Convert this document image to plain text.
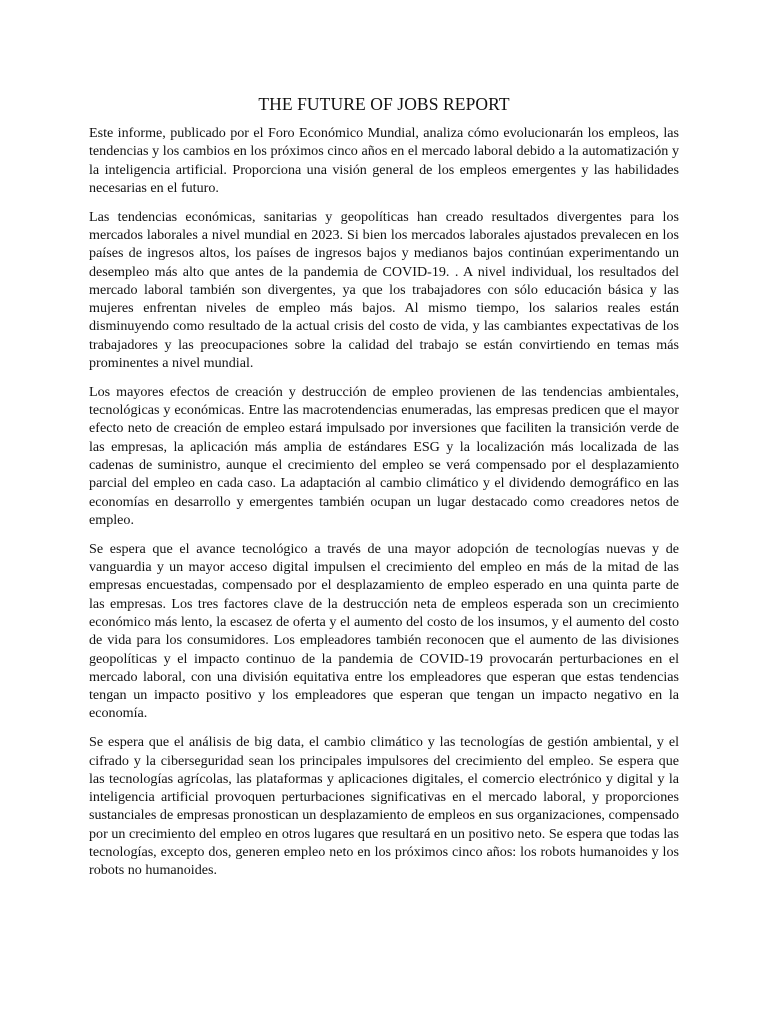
THE FUTURE OF JOBS REPORT

Este informe, publicado por el Foro Económico Mundial, analiza cómo evolucionarán los empleos, las tendencias y los cambios en los próximos cinco años en el mercado laboral debido a la automatización y la inteligencia artificial. Proporciona una visión general de los empleos emergentes y las habilidades necesarias en el futuro.

Las tendencias económicas, sanitarias y geopolíticas han creado resultados divergentes para los mercados laborales a nivel mundial en 2023. Si bien los mercados laborales ajustados prevalecen en los países de ingresos altos, los países de ingresos bajos y medianos bajos continúan experimentando un desempleo más alto que antes de la pandemia de COVID-19. . A nivel individual, los resultados del mercado laboral también son divergentes, ya que los trabajadores con sólo educación básica y las mujeres enfrentan niveles de empleo más bajos. Al mismo tiempo, los salarios reales están disminuyendo como resultado de la actual crisis del costo de vida, y las cambiantes expectativas de los trabajadores y las preocupaciones sobre la calidad del trabajo se están convirtiendo en temas más prominentes a nivel mundial.

Los mayores efectos de creación y destrucción de empleo provienen de las tendencias ambientales, tecnológicas y económicas. Entre las macrotendencias enumeradas, las empresas predicen que el mayor efecto neto de creación de empleo estará impulsado por inversiones que faciliten la transición verde de las empresas, la aplicación más amplia de estándares ESG y la localización más localizada de las cadenas de suministro, aunque el crecimiento del empleo se verá compensado por el desplazamiento parcial del empleo en cada caso. La adaptación al cambio climático y el dividendo demográfico en las economías en desarrollo y emergentes también ocupan un lugar destacado como creadores netos de empleo.

Se espera que el avance tecnológico a través de una mayor adopción de tecnologías nuevas y de vanguardia y un mayor acceso digital impulsen el crecimiento del empleo en más de la mitad de las empresas encuestadas, compensado por el desplazamiento de empleo esperado en una quinta parte de las empresas. Los tres factores clave de la destrucción neta de empleos esperada son un crecimiento económico más lento, la escasez de oferta y el aumento del costo de los insumos, y el aumento del costo de vida para los consumidores. Los empleadores también reconocen que el aumento de las divisiones geopolíticas y el impacto continuo de la pandemia de COVID-19 provocarán perturbaciones en el mercado laboral, con una división equitativa entre los empleadores que esperan que estas tendencias tengan un impacto positivo y los empleadores que esperan que tengan un impacto negativo en la economía.

Se espera que el análisis de big data, el cambio climático y las tecnologías de gestión ambiental, y el cifrado y la ciberseguridad sean los principales impulsores del crecimiento del empleo. Se espera que las tecnologías agrícolas, las plataformas y aplicaciones digitales, el comercio electrónico y digital y la inteligencia artificial provoquen perturbaciones significativas en el mercado laboral, y proporciones sustanciales de empresas pronostican un desplazamiento de empleos en sus organizaciones, compensado por un crecimiento del empleo en otros lugares que resultará en un positivo neto. Se espera que todas las tecnologías, excepto dos, generen empleo neto en los próximos cinco años: los robots humanoides y los robots no humanoides.
